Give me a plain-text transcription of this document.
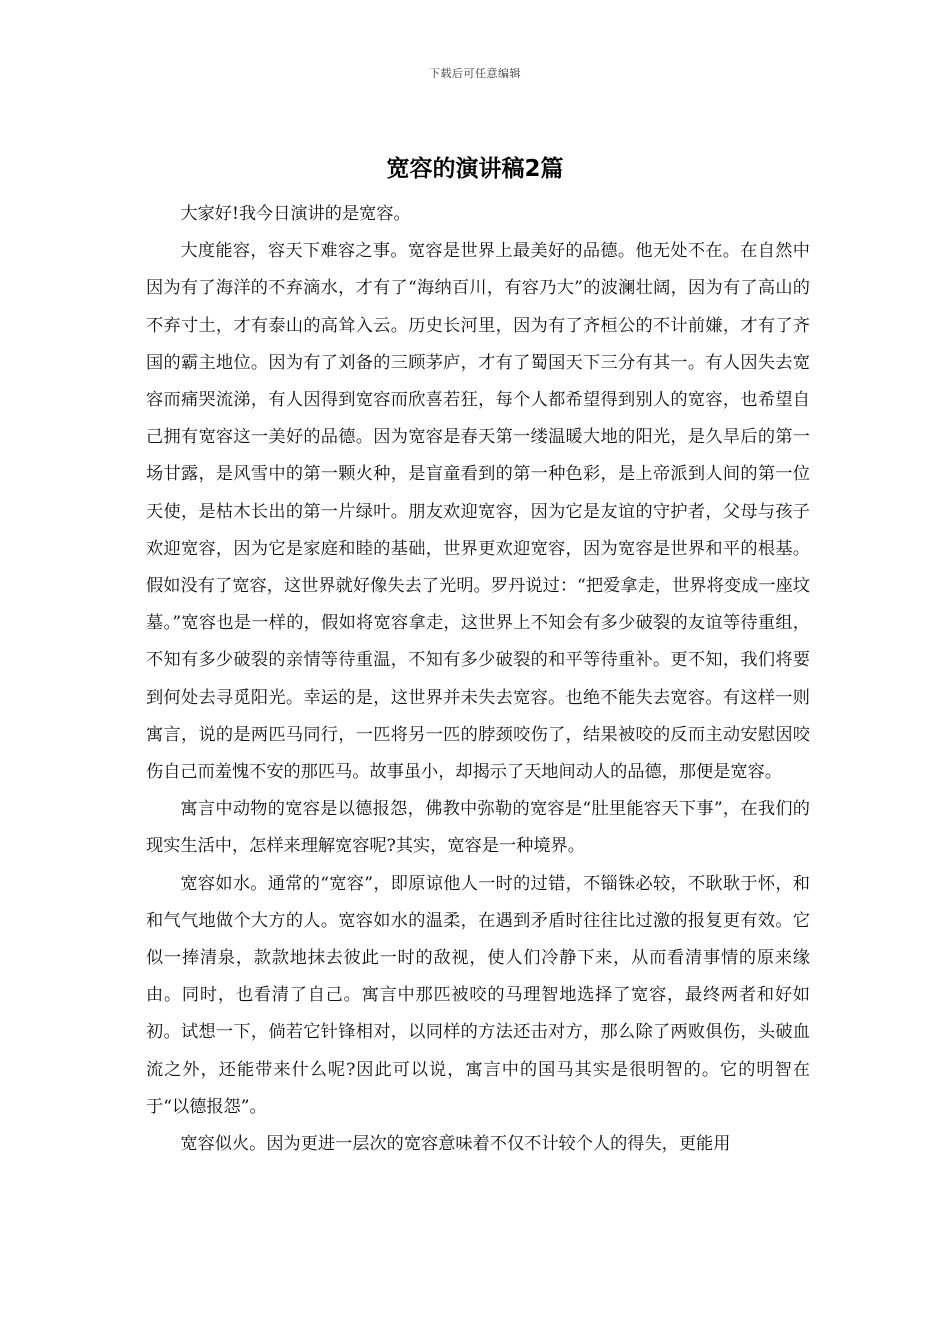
下载后可任意编辑
宽容的演讲稿2篇

大家好!我今日演讲的是宽容。

大度能容，容天下难容之事。宽容是世界上最美好的品德。他无处不在。在自然中因为有了海洋的不弃滴水，才有了“海纳百川，有容乃大”的波澜壮阔，因为有了高山的不弃寸土，才有泰山的高耸入云。历史长河里，因为有了齐桓公的不计前嫌，才有了齐国的霸主地位。因为有了刘备的三顾茅庐，才有了蜀国天下三分有其一。有人因失去宽容而痛哭流涕，有人因得到宽容而欣喜若狂，每个人都希望得到别人的宽容，也希望自己拥有宽容这一美好的品德。因为宽容是春天第一缕温暖大地的阳光，是久旱后的第一场甘露，是风雪中的第一颗火种，是盲童看到的第一种色彩，是上帝派到人间的第一位天使，是枯木长出的第一片绿叶。朋友欢迎宽容，因为它是友谊的守护者，父母与孩子欢迎宽容，因为它是家庭和睦的基础，世界更欢迎宽容，因为宽容是世界和平的根基。假如没有了宽容，这世界就好像失去了光明。罗丹说过：“把爱拿走，世界将变成一座坟墓。”宽容也是一样的，假如将宽容拿走，这世界上不知会有多少破裂的友谊等待重组，不知有多少破裂的亲情等待重温，不知有多少破裂的和平等待重补。更不知，我们将要到何处去寻觅阳光。幸运的是，这世界并未失去宽容。也绝不能失去宽容。有这样一则寓言，说的是两匹马同行，一匹将另一匹的脖颈咬伤了，结果被咬的反而主动安慰因咬伤自己而羞愧不安的那匹马。故事虽小，却揭示了天地间动人的品德，那便是宽容。

寓言中动物的宽容是以德报怨，佛教中弥勒的宽容是“肚里能容天下事”，在我们的现实生活中，怎样来理解宽容呢?其实，宽容是一种境界。

宽容如水。通常的“宽容”，即原谅他人一时的过错，不锱铢必较，不耿耿于怀，和和气气地做个大方的人。宽容如水的温柔，在遇到矛盾时往往比过激的报复更有效。它似一捧清泉，款款地抹去彼此一时的敌视，使人们冷静下来，从而看清事情的原来缘由。同时，也看清了自己。寓言中那匹被咬的马理智地选择了宽容，最终两者和好如初。试想一下，倘若它针锋相对，以同样的方法还击对方，那么除了两败俱伤，头破血流之外，还能带来什么呢?因此可以说，寓言中的国马其实是很明智的。它的明智在于“以德报怨”。

宽容似火。因为更进一层次的宽容意味着不仅不计较个人的得失，更能用
